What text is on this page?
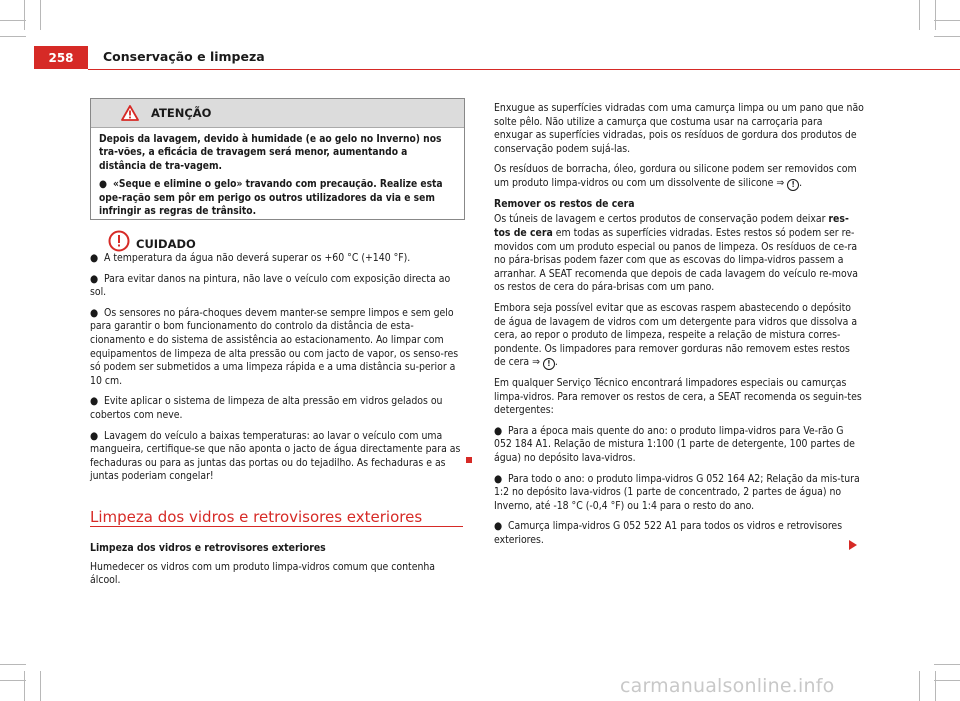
258	Conservação e limpeza
ATENÇÃO

Depois da lavagem, devido à humidade (e ao gelo no Inverno) nos tra-vões, a eficácia de travagem será menor, aumentando a distância de tra-vagem.

● «Seque e elimine o gelo» travando com precaução. Realize esta ope-ração sem pôr em perigo os outros utilizadores da via e sem infringir as regras de trânsito.

CUIDADO

● A temperatura da água não deverá superar os +60 °C (+140 °F).

● Para evitar danos na pintura, não lave o veículo com exposição directa ao sol.

● Os sensores no pára-choques devem manter-se sempre limpos e sem gelo para garantir o bom funcionamento do controlo da distância de esta-cionamento e do sistema de assistência ao estacionamento. Ao limpar com equipamentos de limpeza de alta pressão ou com jacto de vapor, os senso-res só podem ser submetidos a uma limpeza rápida e a uma distância su-perior a 10 cm.

● Evite aplicar o sistema de limpeza de alta pressão em vidros gelados ou cobertos com neve.

● Lavagem do veículo a baixas temperaturas: ao lavar o veículo com uma mangueira, certifique-se que não aponta o jacto de água directamente para as fechaduras ou para as juntas das portas ou do tejadilho. As fechaduras e as juntas poderiam congelar!

Limpeza dos vidros e retrovisores exteriores

Limpeza dos vidros e retrovisores exteriores

Humedecer os vidros com um produto limpa-vidros comum que contenha álcool.

Enxugue as superfícies vidradas com uma camurça limpa ou um pano que não solte pêlo. Não utilize a camurça que costuma usar na carroçaria para enxugar as superfícies vidradas, pois os resíduos de gordura dos produtos de conservação podem sujá-las.

Os resíduos de borracha, óleo, gordura ou silicone podem ser removidos com um produto limpa-vidros ou com um dissolvente de silicone ⇒ ! .

Remover os restos de cera

Os túneis de lavagem e certos produtos de conservação podem deixar res-tos de cera em todas as superfícies vidradas. Estes restos só podem ser re-movidos com um produto especial ou panos de limpeza. Os resíduos de ce-ra no pára-brisas podem fazer com que as escovas do limpa-vidros passem a arranhar. A SEAT recomenda que depois de cada lavagem do veículo re-mova os restos de cera do pára-brisas com um pano.

Embora seja possível evitar que as escovas raspem abastecendo o depósito de água de lavagem de vidros com um detergente para vidros que dissolva a cera, ao repor o produto de limpeza, respeite a relação de mistura corres-pondente. Os limpadores para remover gorduras não removem estes restos de cera ⇒ ! .

Em qualquer Serviço Técnico encontrará limpadores especiais ou camurças limpa-vidros. Para remover os restos de cera, a SEAT recomenda os seguin-tes detergentes:

● Para a época mais quente do ano: o produto limpa-vidros para Ve-rão G 052 184 A1. Relação de mistura 1:100 (1 parte de detergente, 100 partes de água) no depósito lava-vidros.

● Para todo o ano: o produto limpa-vidros G 052 164 A2; Relação da mis-tura 1:2 no depósito lava-vidros (1 parte de concentrado, 2 partes de água) no Inverno, até -18 °C (-0,4 °F) ou 1:4 para o resto do ano.

● Camurça limpa-vidros G 052 522 A1 para todos os vidros e retrovisores exteriores.

carmanualsonline.info
